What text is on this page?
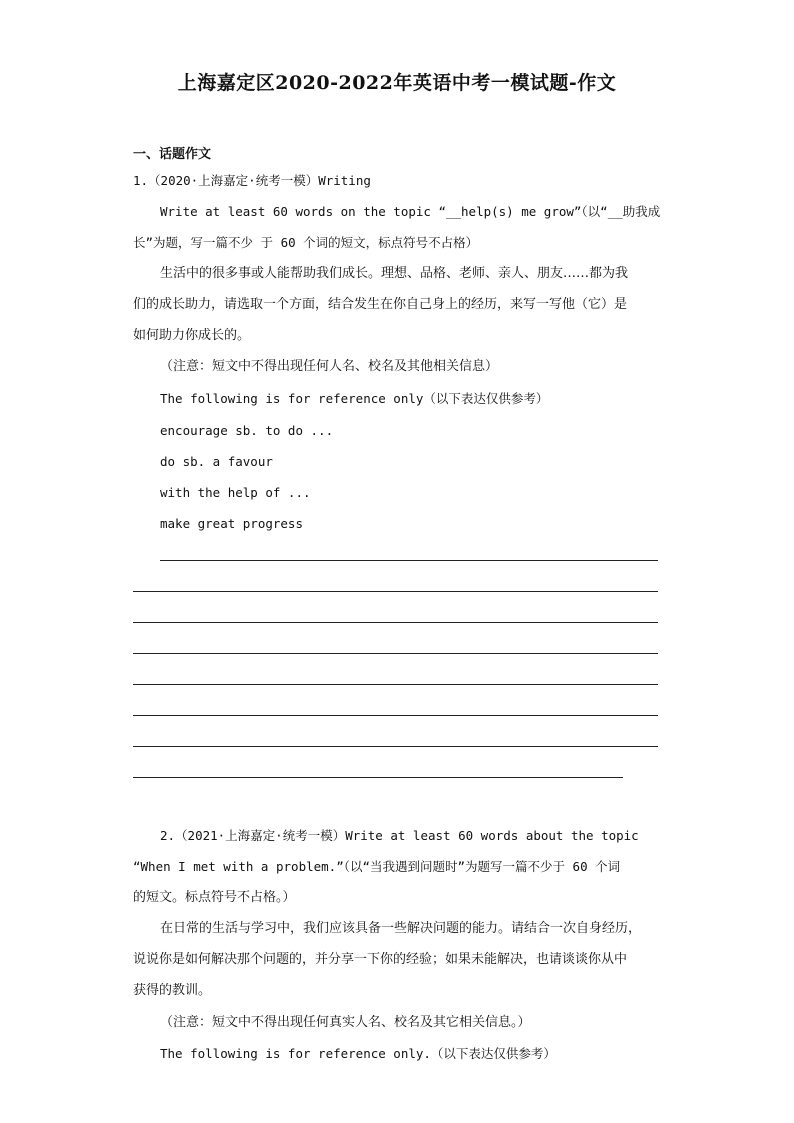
上海嘉定区2020-2022年英语中考一模试题-作文
一、话题作文
1.（2020·上海嘉定·统考一模）Writing
Write at least 60 words on the topic “__help(s) me grow”（以“__助我成
长”为题，写一篇不少 于 60 个词的短文，标点符号不占格）
生活中的很多事或人能帮助我们成长。理想、品格、老师、亲人、朋友……都为我
们的成长助力，请选取一个方面，结合发生在你自己身上的经历，来写一写他（它）是
如何助力你成长的。
（注意：短文中不得出现任何人名、校名及其他相关信息）
The following is for reference only（以下表达仅供参考）
encourage sb. to do ...
do sb. a favour
with the help of ...
make great progress
2.（2021·上海嘉定·统考一模）Write at least 60 words about the topic
“When I met with a problem.”（以“当我遇到问题时”为题写一篇不少于 60 个词
的短文。标点符号不占格。）
在日常的生活与学习中，我们应该具备一些解决问题的能力。请结合一次自身经历，
说说你是如何解决那个问题的，并分享一下你的经验；如果未能解决，也请谈谈你从中
获得的教训。
（注意：短文中不得出现任何真实人名、校名及其它相关信息。）
The following is for reference only.（以下表达仅供参考）
